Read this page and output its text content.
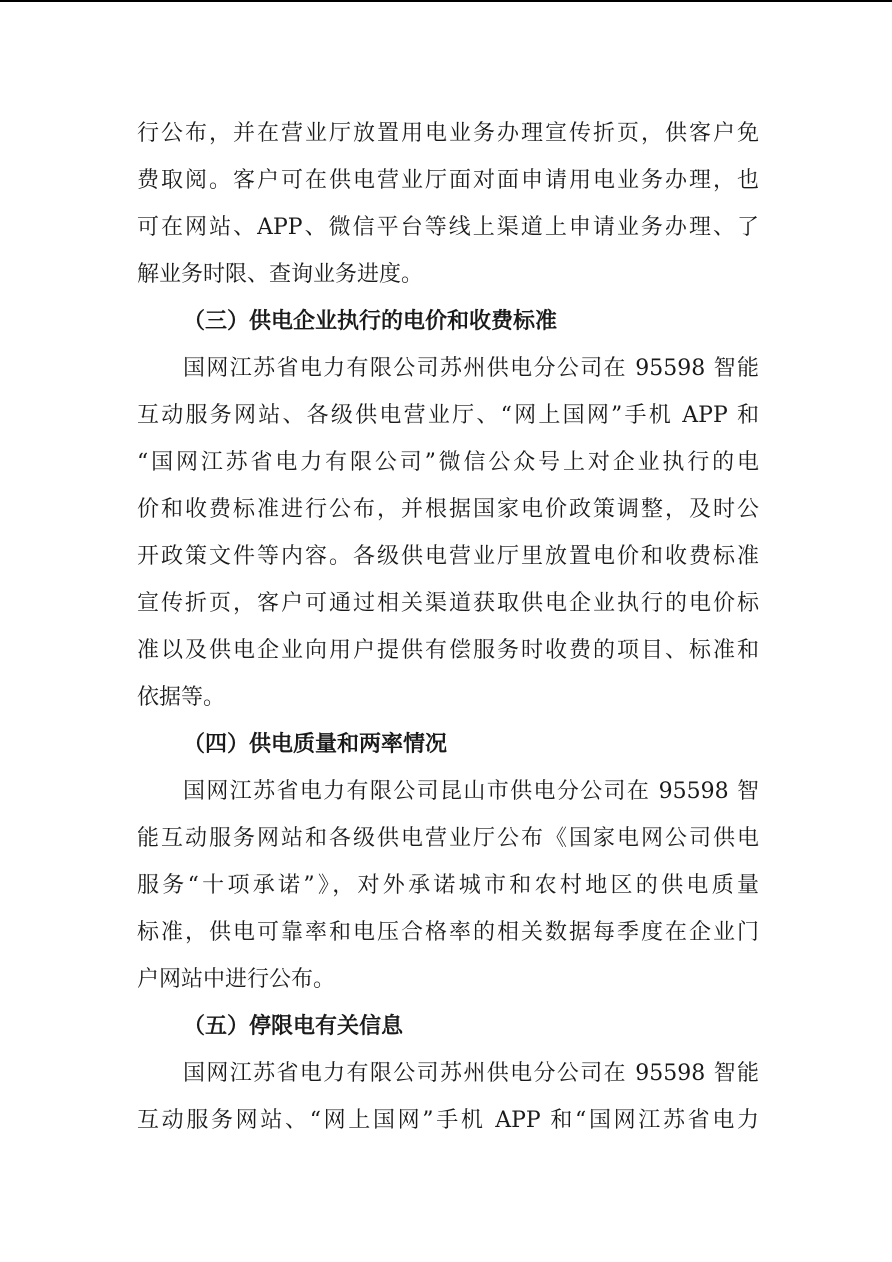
行公布，并在营业厅放置用电业务办理宣传折页，供客户免
费取阅。客户可在供电营业厅面对面申请用电业务办理，也
可在网站、APP、微信平台等线上渠道上申请业务办理、了
解业务时限、查询业务进度。
（三）供电企业执行的电价和收费标准
国网江苏省电力有限公司苏州供电分公司在 95598 智能
互动服务网站、各级供电营业厅、“网上国网”手机 APP 和
“国网江苏省电力有限公司”微信公众号上对企业执行的电
价和收费标准进行公布，并根据国家电价政策调整，及时公
开政策文件等内容。各级供电营业厅里放置电价和收费标准
宣传折页，客户可通过相关渠道获取供电企业执行的电价标
准以及供电企业向用户提供有偿服务时收费的项目、标准和
依据等。
（四）供电质量和两率情况
国网江苏省电力有限公司昆山市供电分公司在 95598 智
能互动服务网站和各级供电营业厅公布《国家电网公司供电
服务“十项承诺”》，对外承诺城市和农村地区的供电质量
标准，供电可靠率和电压合格率的相关数据每季度在企业门
户网站中进行公布。
（五）停限电有关信息
国网江苏省电力有限公司苏州供电分公司在 95598 智能
互动服务网站、“网上国网”手机 APP 和“国网江苏省电力
